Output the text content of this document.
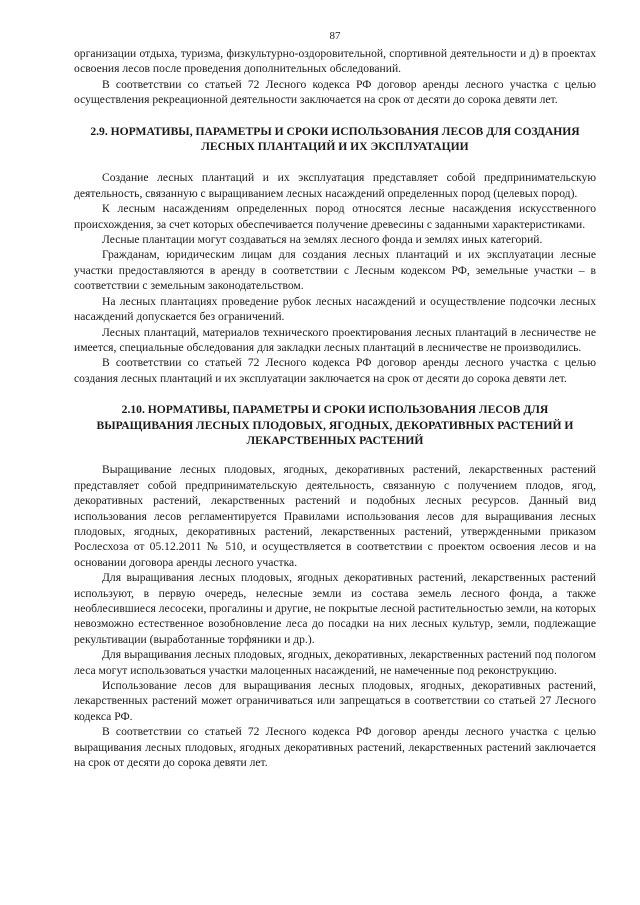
87

организации отдыха, туризма, физкультурно-оздоровительной, спортивной деятельности и д) в проектах освоения лесов после проведения дополнительных обследований.

В соответствии со статьей 72 Лесного кодекса РФ договор аренды лесного участка с целью осуществления рекреационной деятельности заключается на срок от десяти до сорока девяти лет.

2.9. НОРМАТИВЫ, ПАРАМЕТРЫ И СРОКИ ИСПОЛЬЗОВАНИЯ ЛЕСОВ ДЛЯ СОЗДАНИЯ ЛЕСНЫХ ПЛАНТАЦИЙ И ИХ ЭКСПЛУАТАЦИИ

Создание лесных плантаций и их эксплуатация представляет собой предпринимательскую деятельность, связанную с выращиванием лесных насаждений определенных пород (целевых пород).

К лесным насаждениям определенных пород относятся лесные насаждения искусственного происхождения, за счет которых обеспечивается получение древесины с заданными характеристиками.

Лесные плантации могут создаваться на землях лесного фонда и землях иных категорий.

Гражданам, юридическим лицам для создания лесных плантаций и их эксплуатации лесные участки предоставляются в аренду в соответствии с Лесным кодексом РФ, земельные участки – в соответствии с земельным законодательством.

На лесных плантациях проведение рубок лесных насаждений и осуществление подсочки лесных насаждений допускается без ограничений.

Лесных плантаций, материалов технического проектирования лесных плантаций в лесничестве не имеется, специальные обследования для закладки лесных плантаций в лесничестве не производились.

В соответствии со статьей 72 Лесного кодекса РФ договор аренды лесного участка с целью создания лесных плантаций и их эксплуатации заключается на срок от десяти до сорока девяти лет.

2.10. НОРМАТИВЫ, ПАРАМЕТРЫ И СРОКИ ИСПОЛЬЗОВАНИЯ ЛЕСОВ ДЛЯ ВЫРАЩИВАНИЯ ЛЕСНЫХ ПЛОДОВЫХ, ЯГОДНЫХ, ДЕКОРАТИВНЫХ РАСТЕНИЙ И ЛЕКАРСТВЕННЫХ РАСТЕНИЙ

Выращивание лесных плодовых, ягодных, декоративных растений, лекарственных растений представляет собой предпринимательскую деятельность, связанную с получением плодов, ягод, декоративных растений, лекарственных растений и подобных лесных ресурсов. Данный вид использования лесов регламентируется Правилами использования лесов для выращивания лесных плодовых, ягодных, декоративных растений, лекарственных растений, утвержденными приказом Рослесхоза от 05.12.2011 № 510, и осуществляется в соответствии с проектом освоения лесов и на основании договора аренды лесного участка.

Для выращивания лесных плодовых, ягодных декоративных растений, лекарственных растений используют, в первую очередь, нелесные земли из состава земель лесного фонда, а также необлесившиеся лесосеки, прогалины и другие, не покрытые лесной растительностью земли, на которых невозможно естественное возобновление леса до посадки на них лесных культур, земли, подлежащие рекультивации (выработанные торфяники и др.).

Для выращивания лесных плодовых, ягодных, декоративных, лекарственных растений под пологом леса могут использоваться участки малоценных насаждений, не намеченные под реконструкцию.

Использование лесов для выращивания лесных плодовых, ягодных, декоративных растений, лекарственных растений может ограничиваться или запрещаться в соответствии со статьей 27 Лесного кодекса РФ.

В соответствии со статьей 72 Лесного кодекса РФ договор аренды лесного участка с целью выращивания лесных плодовых, ягодных декоративных растений, лекарственных растений заключается на срок от десяти до сорока девяти лет.
